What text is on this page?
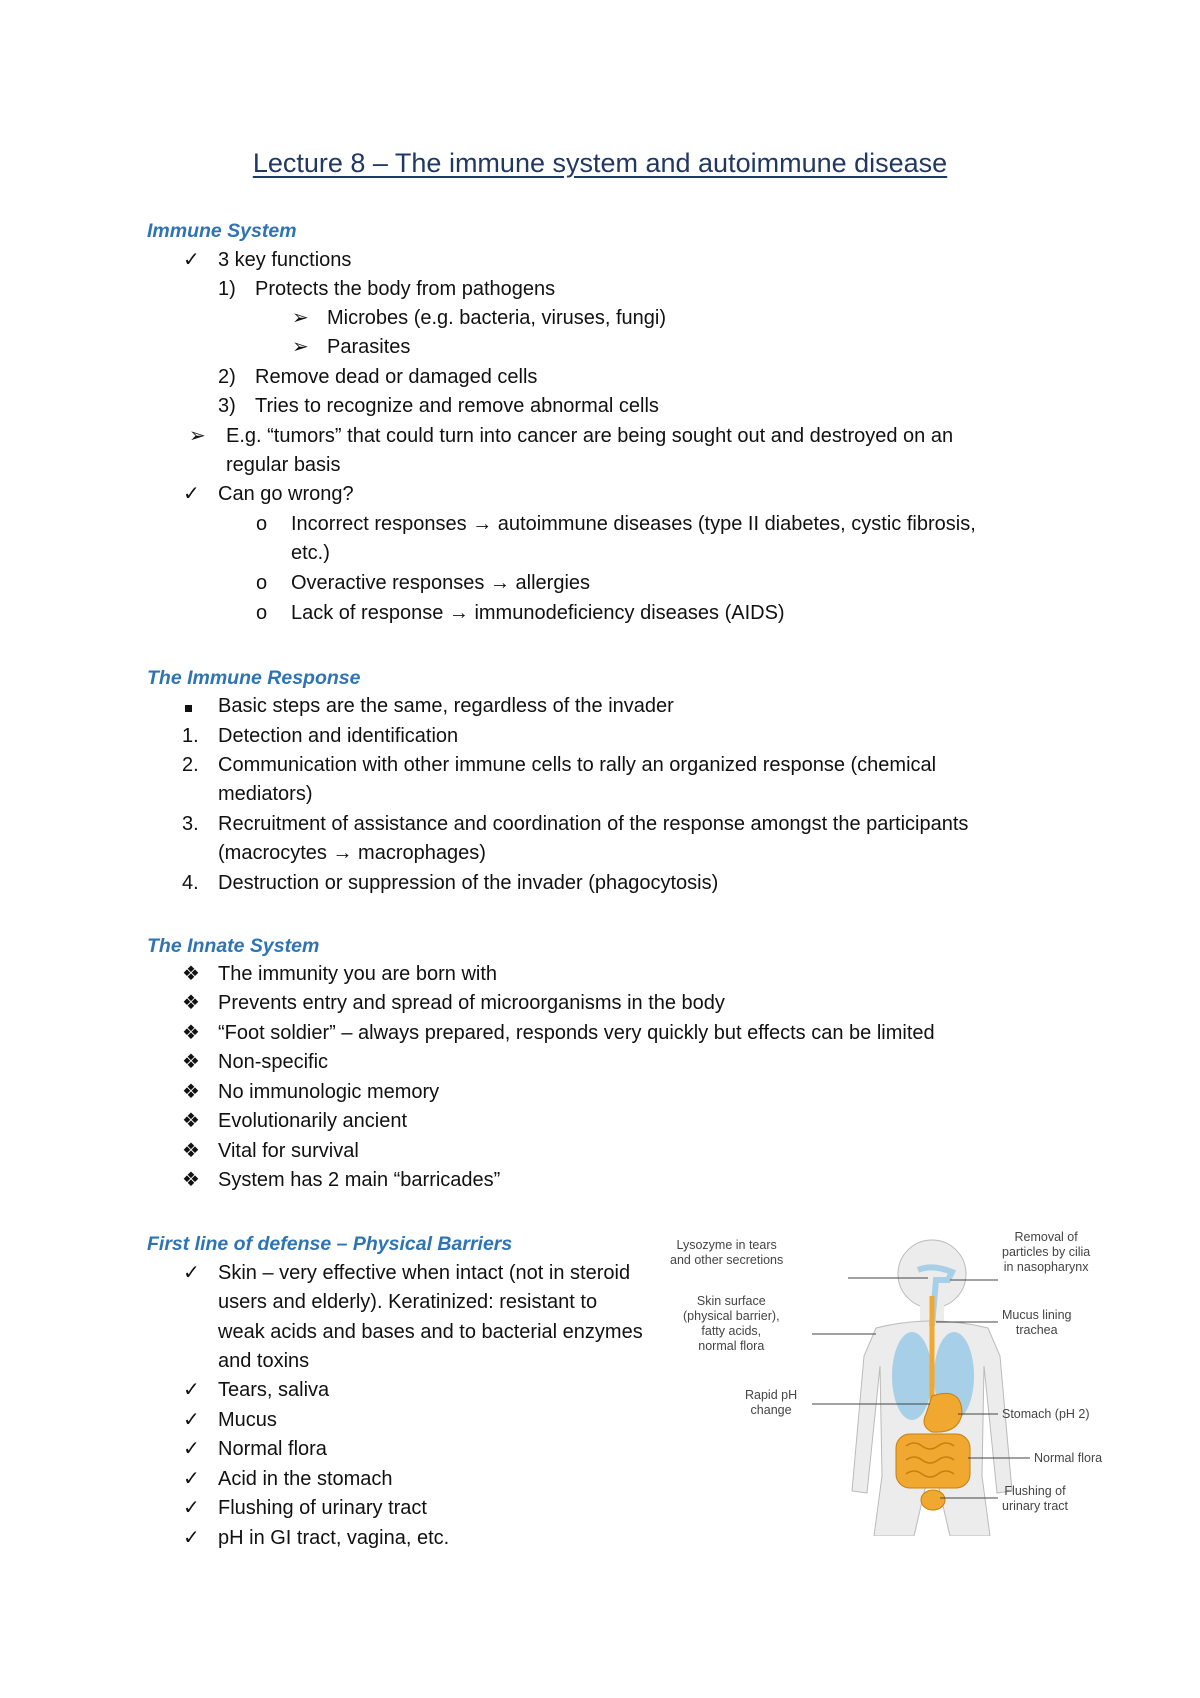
Lecture 8 – The immune system and autoimmune disease
Immune System
✓ 3 key functions
1) Protects the body from pathogens
➢ Microbes (e.g. bacteria, viruses, fungi)
➢ Parasites
2) Remove dead or damaged cells
3) Tries to recognize and remove abnormal cells
➢ E.g. “tumors” that could turn into cancer are being sought out and destroyed on an
regular basis
✓ Can go wrong?
o Incorrect responses → autoimmune diseases (type II diabetes, cystic fibrosis,
etc.)
o Overactive responses → allergies
o Lack of response → immunodeficiency diseases (AIDS)
The Immune Response
Basic steps are the same, regardless of the invader
1. Detection and identification
2. Communication with other immune cells to rally an organized response (chemical
mediators)
3. Recruitment of assistance and coordination of the response amongst the participants
(macrocytes → macrophages)
4. Destruction or suppression of the invader (phagocytosis)
The Innate System
❖ The immunity you are born with
❖ Prevents entry and spread of microorganisms in the body
❖ “Foot soldier” – always prepared, responds very quickly but effects can be limited
❖ Non-specific
❖ No immunologic memory
❖ Evolutionarily ancient
❖ Vital for survival
❖ System has 2 main “barricades”
First line of defense – Physical Barriers
✓ Skin – very effective when intact (not in steroid
users and elderly). Keratinized: resistant to
weak acids and bases and to bacterial enzymes
and toxins
✓ Tears, saliva
✓ Mucus
✓ Normal flora
✓ Acid in the stomach
✓ Flushing of urinary tract
✓ pH in GI tract, vagina, etc.
Lysozyme in tears
and other secretions
Skin surface
(physical barrier),
fatty acids,
normal flora
Rapid pH
change
Removal of
particles by cilia
in nasopharynx
Mucus lining
trachea
Stomach (pH 2)
Normal flora
Flushing of
urinary tract
